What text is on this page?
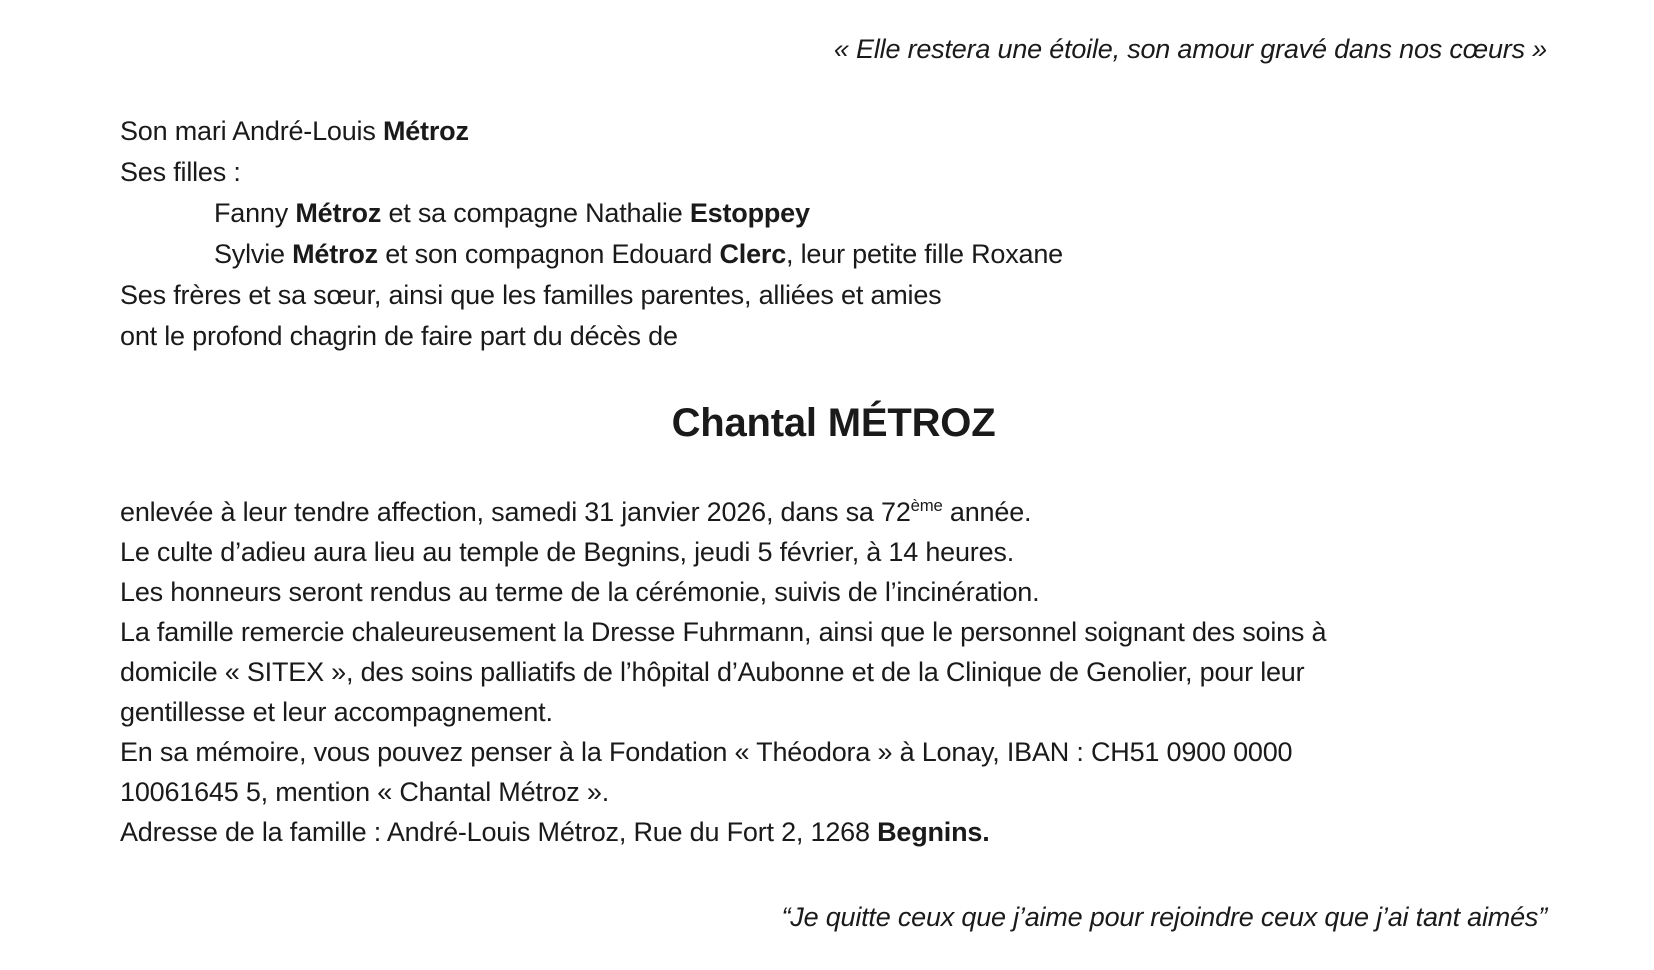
« Elle restera une étoile, son amour gravé dans nos cœurs »
Son mari André-Louis Métroz
Ses filles :
Fanny Métroz et sa compagne Nathalie Estoppey
Sylvie Métroz et son compagnon Edouard Clerc, leur petite fille Roxane
Ses frères et sa sœur, ainsi que les familles parentes, alliées et amies
ont le profond chagrin de faire part du décès de
Chantal MÉTROZ
enlevée à leur tendre affection, samedi 31 janvier 2026, dans sa 72ème année.
Le culte d’adieu aura lieu au temple de Begnins, jeudi 5 février, à 14 heures.
Les honneurs seront rendus au terme de la cérémonie, suivis de l’incinération.
La famille remercie chaleureusement la Dresse Fuhrmann, ainsi que le personnel soignant des soins à
domicile « SITEX », des soins palliatifs de l’hôpital d’Aubonne et de la Clinique de Genolier, pour leur
gentillesse et leur accompagnement.
En sa mémoire, vous pouvez penser à la Fondation « Théodora » à Lonay, IBAN : CH51 0900 0000
10061645 5, mention « Chantal Métroz ».
Adresse de la famille : André-Louis Métroz, Rue du Fort 2, 1268 Begnins.
“Je quitte ceux que j’aime pour rejoindre ceux que j’ai tant aimés”
